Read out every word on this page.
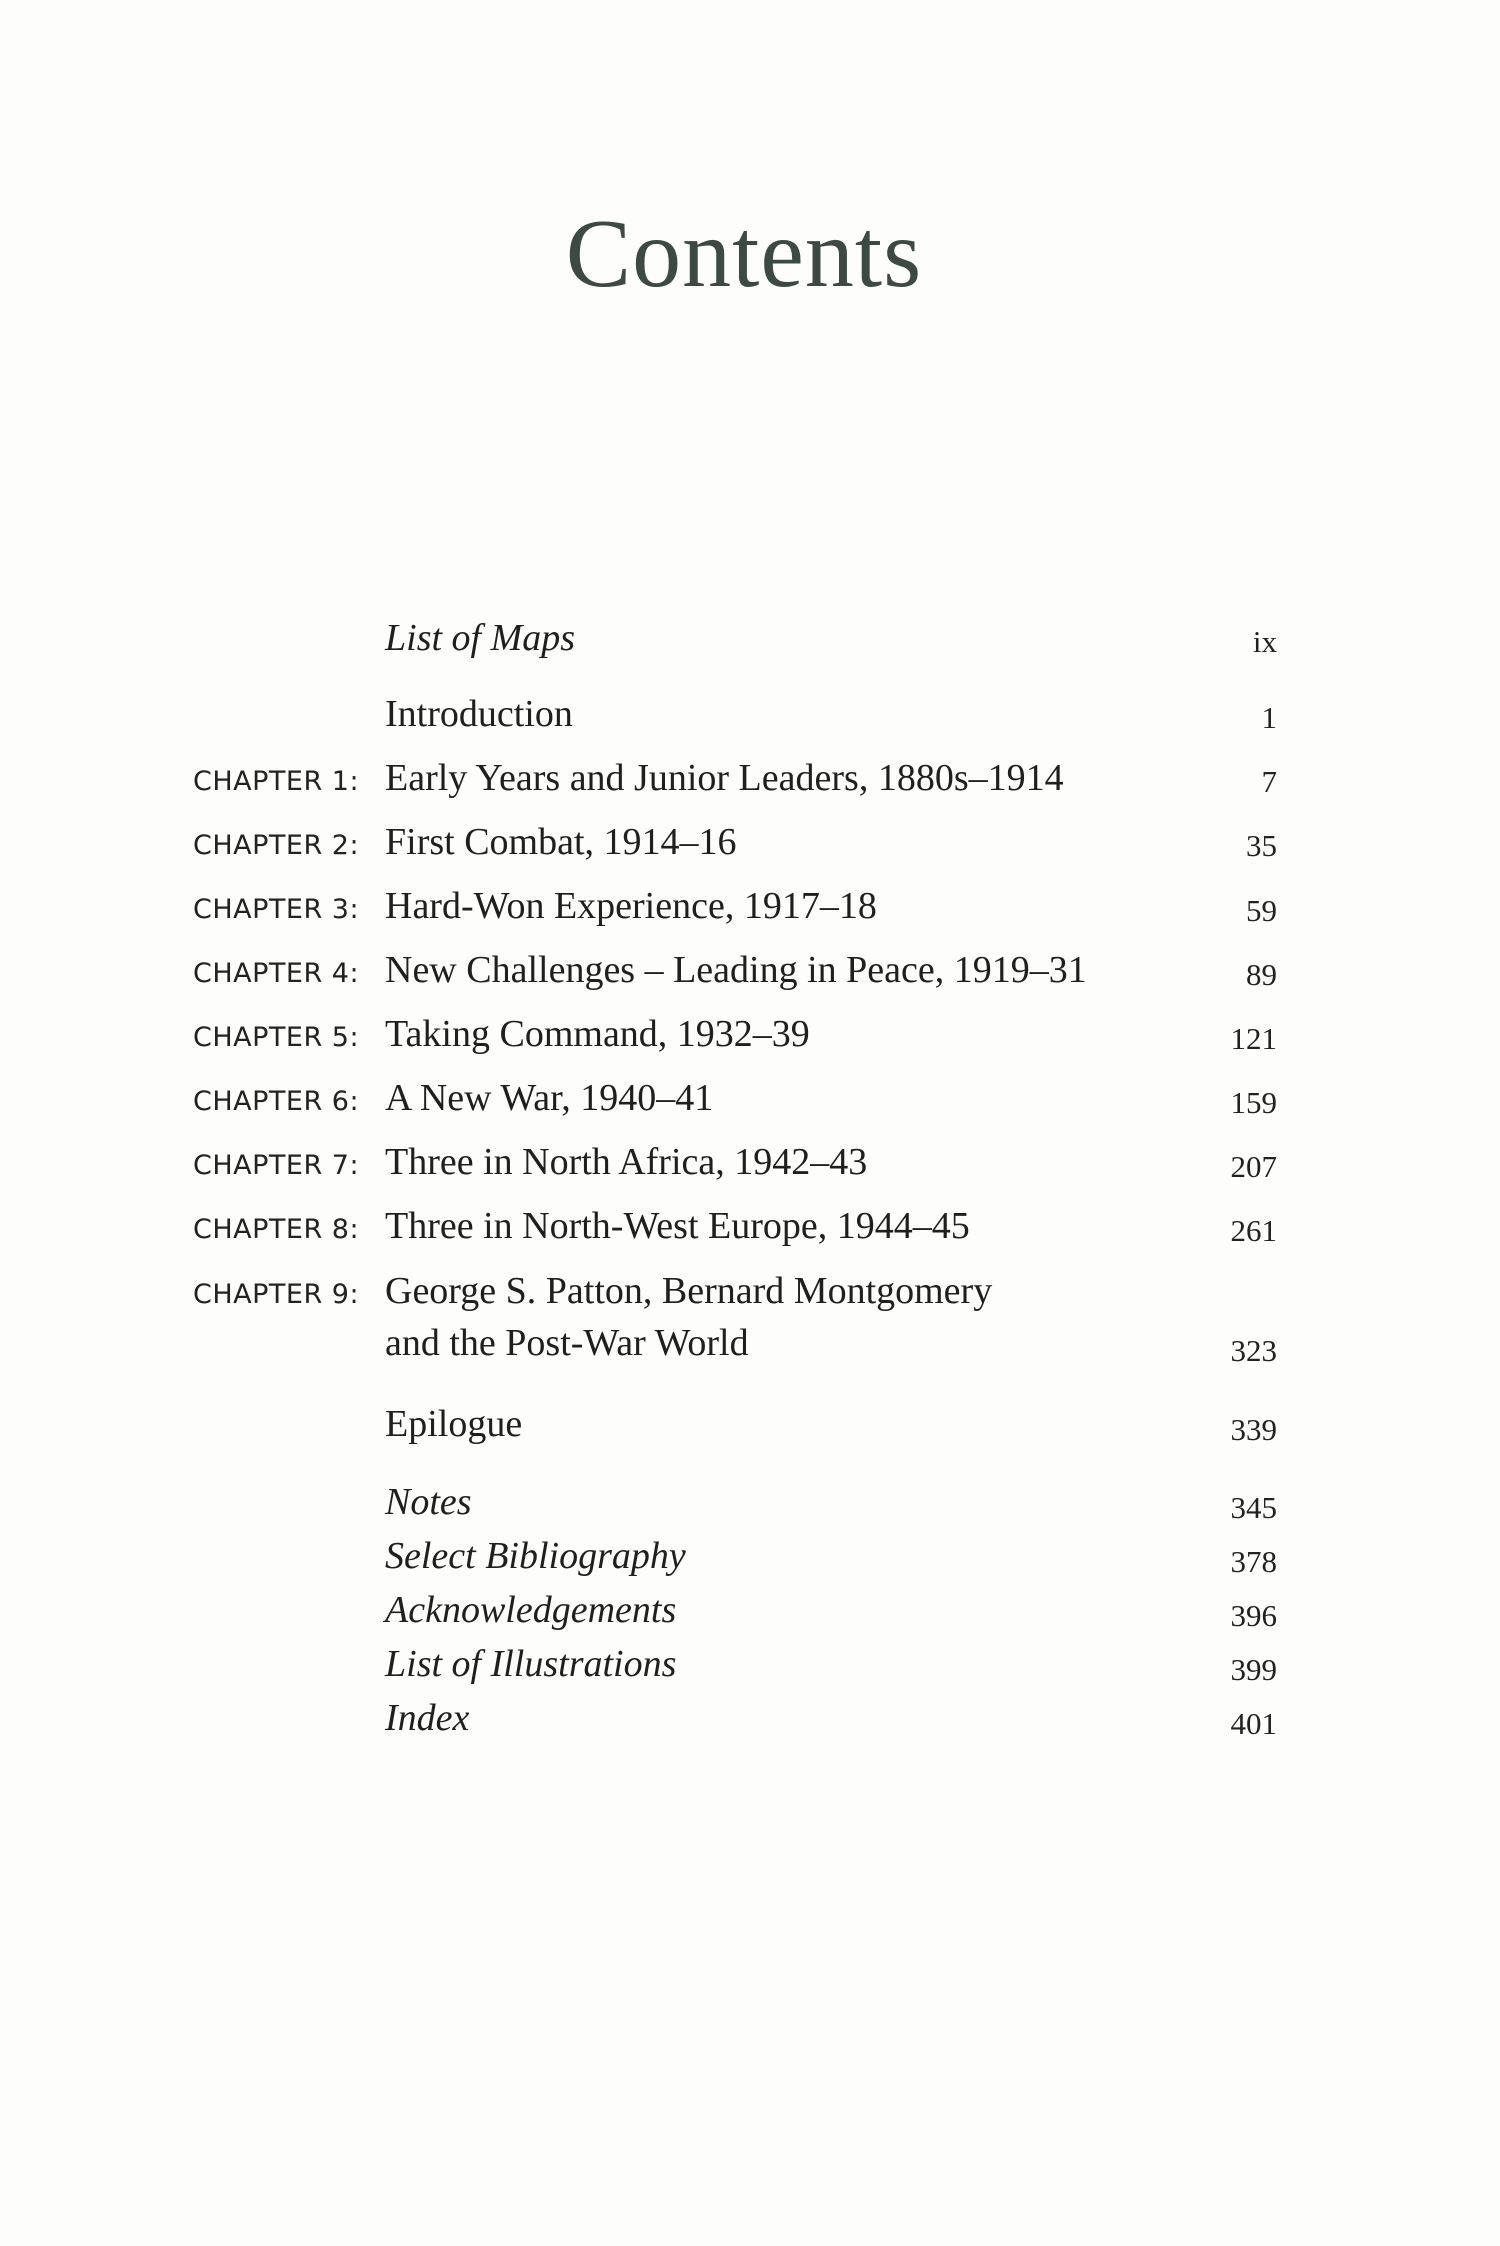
Contents
List of Maps	ix
Introduction	1
CHAPTER 1: Early Years and Junior Leaders, 1880s–1914	7
CHAPTER 2: First Combat, 1914–16	35
CHAPTER 3: Hard-Won Experience, 1917–18	59
CHAPTER 4: New Challenges – Leading in Peace, 1919–31	89
CHAPTER 5: Taking Command, 1932–39	121
CHAPTER 6: A New War, 1940–41	159
CHAPTER 7: Three in North Africa, 1942–43	207
CHAPTER 8: Three in North-West Europe, 1944–45	261
CHAPTER 9: George S. Patton, Bernard Montgomery
and the Post-War World	323
Epilogue	339
Notes	345
Select Bibliography	378
Acknowledgements	396
List of Illustrations	399
Index	401
